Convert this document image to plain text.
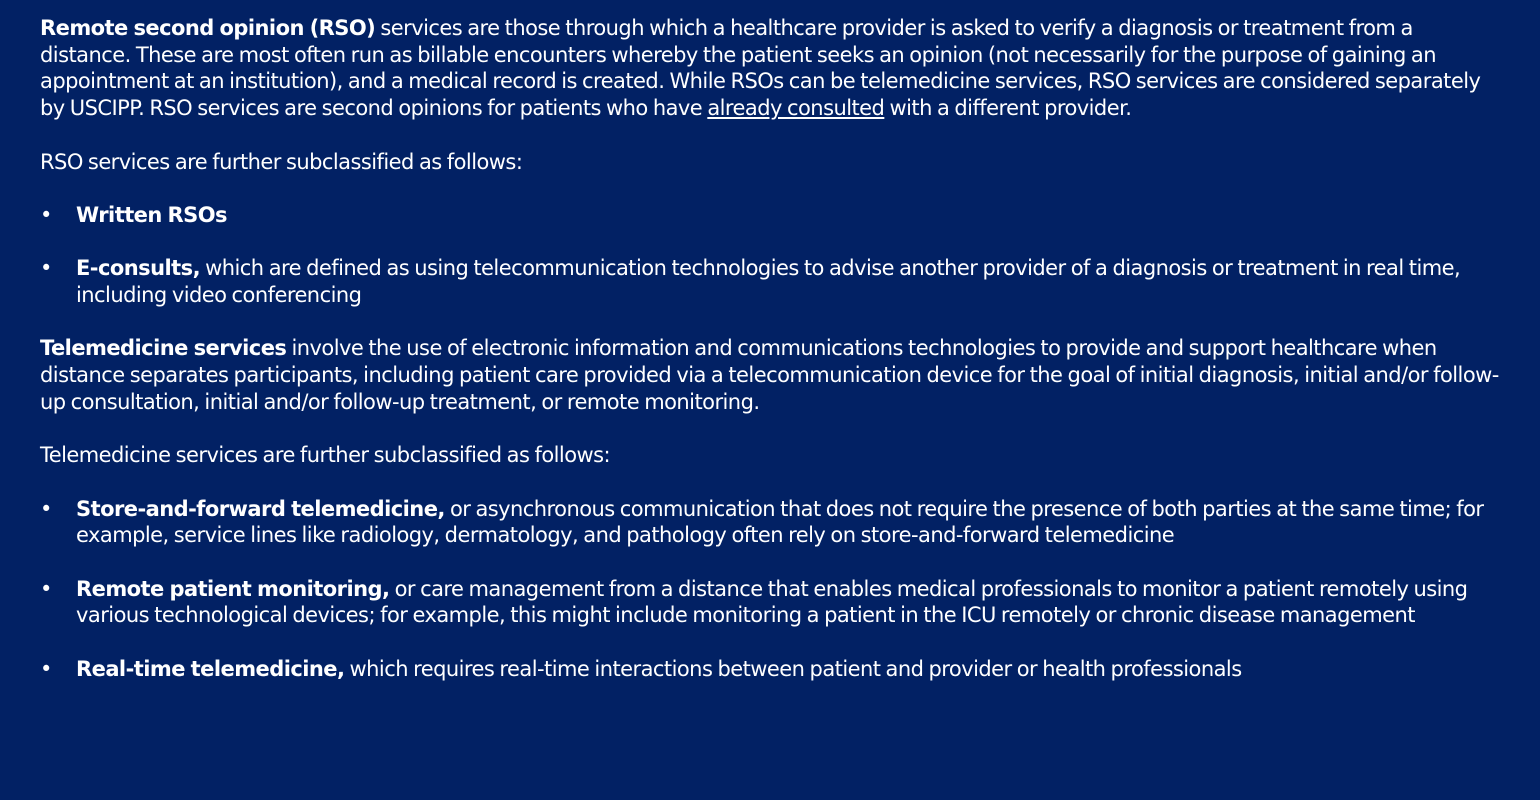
Remote second opinion (RSO) services are those through which a healthcare provider is asked to verify a diagnosis or treatment from a distance. These are most often run as billable encounters whereby the patient seeks an opinion (not necessarily for the purpose of gaining an appointment at an institution), and a medical record is created. While RSOs can be telemedicine services, RSO services are considered separately by USCIPP. RSO services are second opinions for patients who have already consulted with a different provider.

RSO services are further subclassified as follows:

• Written RSOs

• E-consults, which are defined as using telecommunication technologies to advise another provider of a diagnosis or treatment in real time, including video conferencing

Telemedicine services involve the use of electronic information and communications technologies to provide and support healthcare when distance separates participants, including patient care provided via a telecommunication device for the goal of initial diagnosis, initial and/or follow-up consultation, initial and/or follow-up treatment, or remote monitoring.

Telemedicine services are further subclassified as follows:

• Store-and-forward telemedicine, or asynchronous communication that does not require the presence of both parties at the same time; for example, service lines like radiology, dermatology, and pathology often rely on store-and-forward telemedicine

• Remote patient monitoring, or care management from a distance that enables medical professionals to monitor a patient remotely using various technological devices; for example, this might include monitoring a patient in the ICU remotely or chronic disease management

• Real-time telemedicine, which requires real-time interactions between patient and provider or health professionals
